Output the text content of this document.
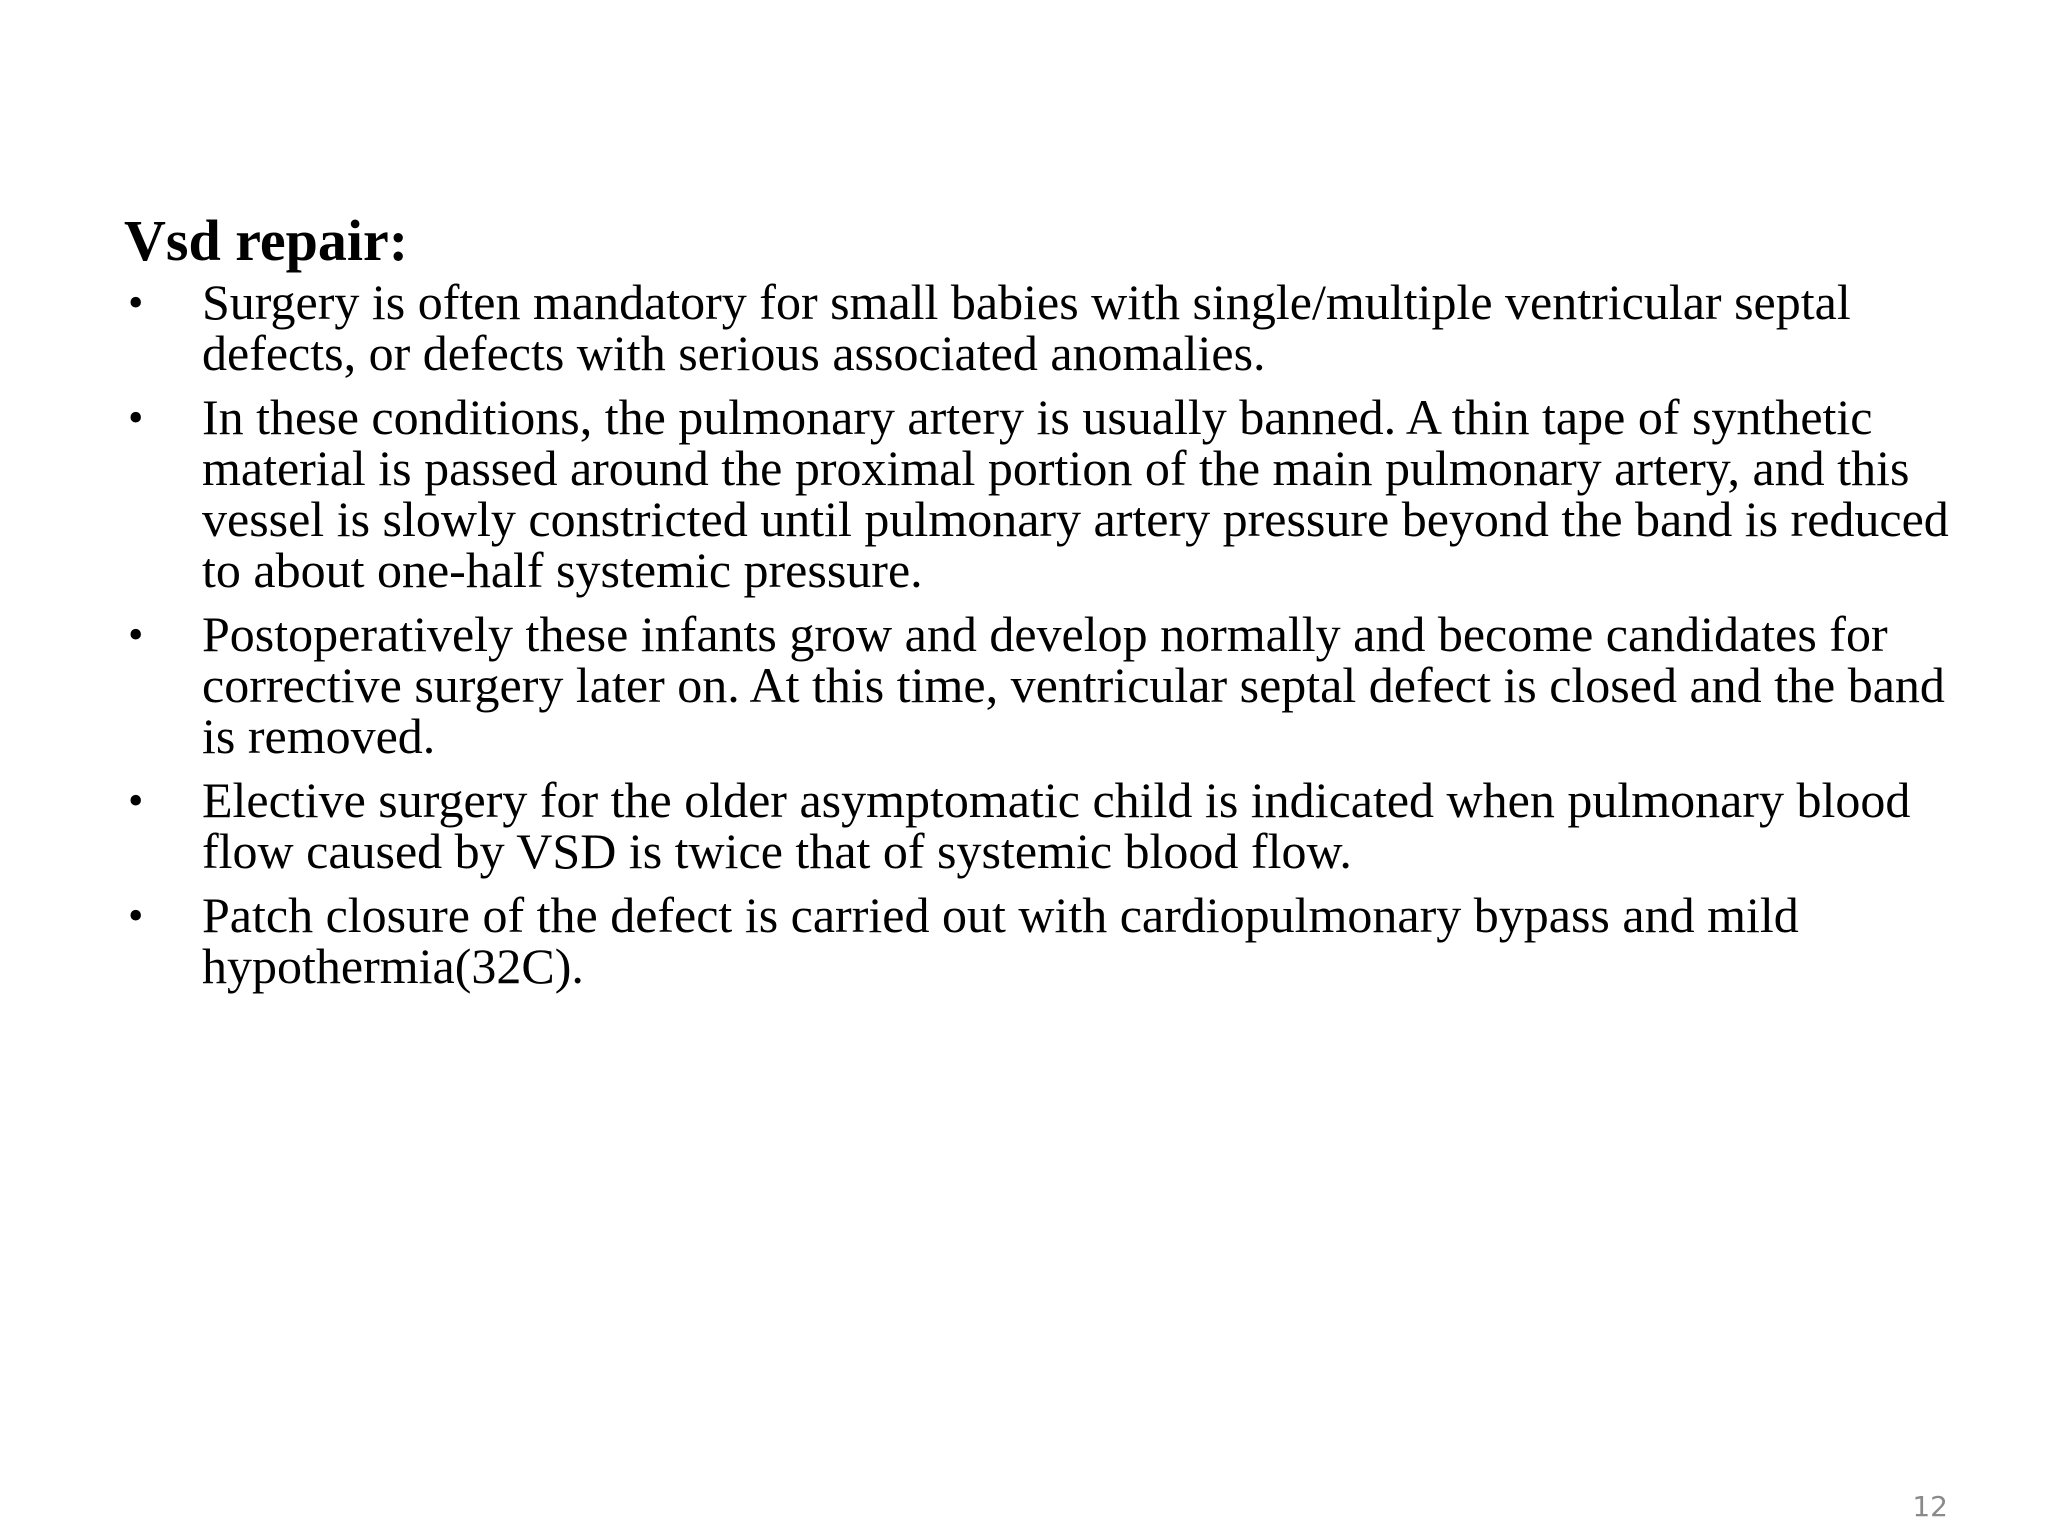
Vsd repair:
• Surgery is often mandatory for small babies with single/multiple ventricular septal defects, or defects with serious associated anomalies.
• In these conditions, the pulmonary artery is usually banned. A thin tape of synthetic material is passed around the proximal portion of the main pulmonary artery, and this vessel is slowly constricted until pulmonary artery pressure beyond the band is reduced to about one-half systemic pressure.
• Postoperatively these infants grow and develop normally and become candidates for corrective surgery later on. At this time, ventricular septal defect is closed and the band is removed.
• Elective surgery for the older asymptomatic child is indicated when pulmonary blood flow caused by VSD is twice that of systemic blood flow.
• Patch closure of the defect is carried out with cardiopulmonary bypass and mild hypothermia(32C).
12
